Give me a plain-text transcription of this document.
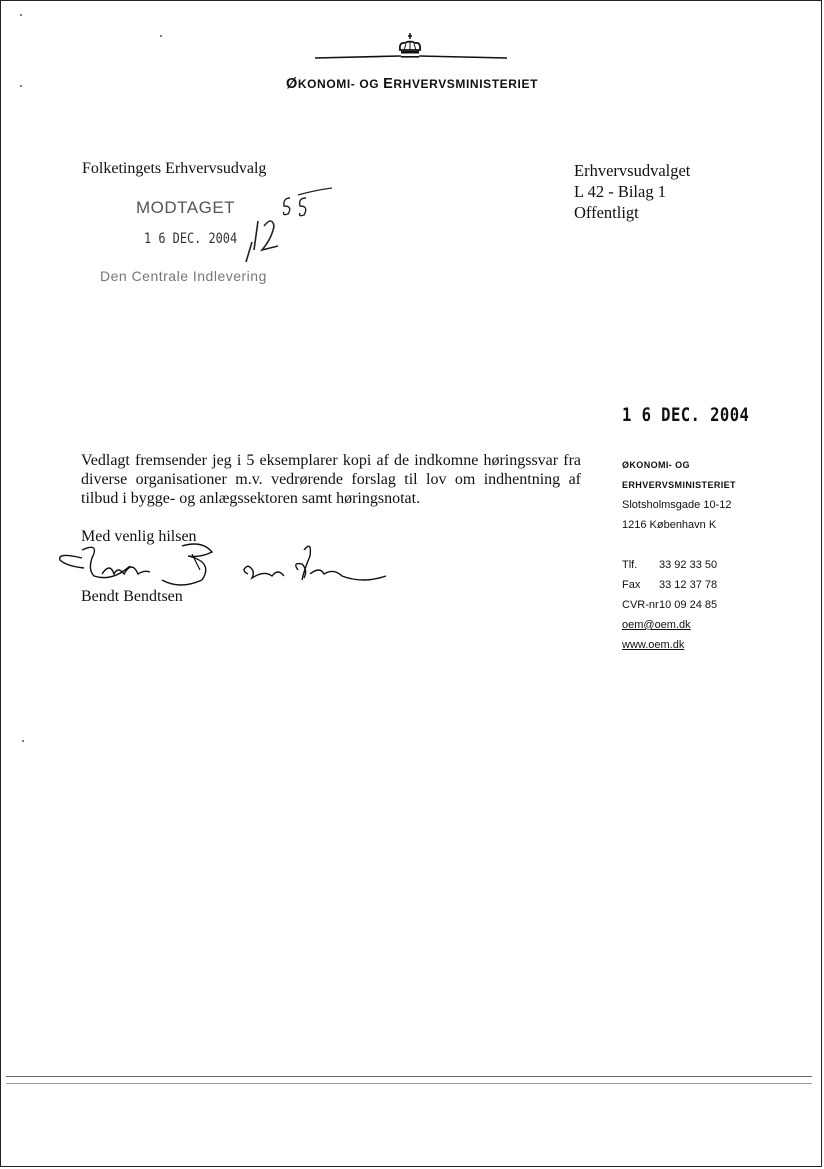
ØKONOMI- OG ERHVERVSMINISTERIET
Folketingets Erhvervsudvalg
MODTAGET
1 6 DEC. 2004
Den Centrale Indlevering
Erhvervsudvalget
L 42 - Bilag 1
Offentligt
1 6 DEC. 2004
Vedlagt fremsender jeg i 5 eksemplarer kopi af de indkomne høringssvar fra diverse organisationer m.v. vedrørende forslag til lov om indhentning af tilbud i bygge- og anlægssektoren samt høringsnotat.
Med venlig hilsen
Bendt Bendtsen
ØKONOMI- OG
ERHVERVSMINISTERIET
Slotsholmsgade 10-12
1216 København K

Tlf.	33 92 33 50
Fax	33 12 37 78
CVR-nr 10 09 24 85
oem@oem.dk
www.oem.dk
